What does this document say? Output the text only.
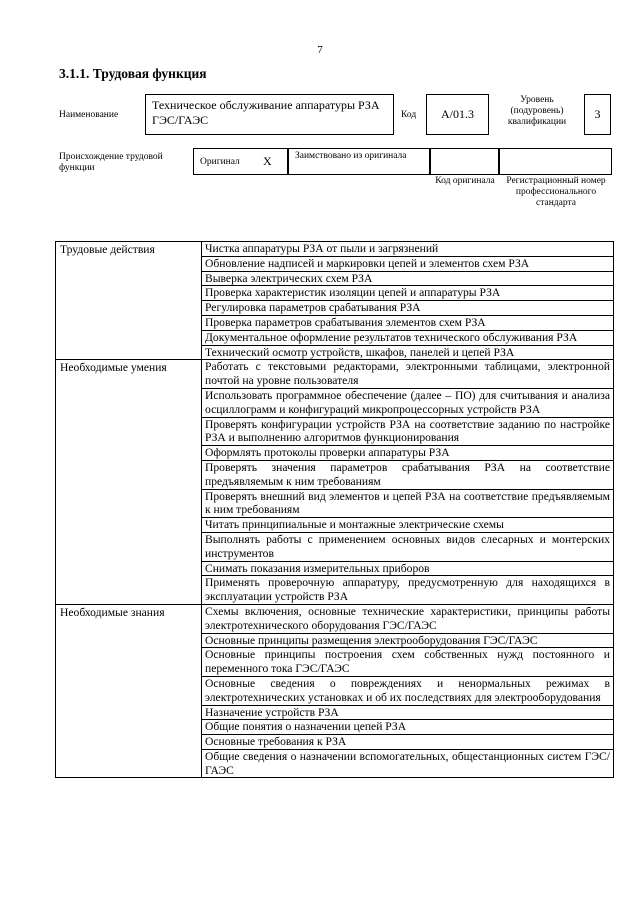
7
3.1.1. Трудовая функция
Наименование
Техническое обслуживание аппаратуры РЗА ГЭС/ГАЭС	Код	A/01.3
Уровень (подуровень) квалификации
3
Происхождение трудовой функции
Оригинал X Заимствовано из оригинала
Код оригинала	Регистрационный номер профессионального стандарта
Трудовые действия	Чистка аппаратуры РЗА от пыли и загрязнений
	Обновление надписей и маркировки цепей и элементов схем РЗА
	Выверка электрических схем РЗА
	Проверка характеристик изоляции цепей и аппаратуры РЗА
	Регулировка параметров срабатывания РЗА
	Проверка параметров срабатывания элементов схем РЗА
	Документальное оформление результатов технического обслуживания РЗА
	Технический осмотр устройств, шкафов, панелей и цепей РЗА
Необходимые умения	Работать с текстовыми редакторами, электронными таблицами, электронной почтой на уровне пользователя
	Использовать программное обеспечение (далее – ПО) для считывания и анализа осциллограмм и конфигураций микропроцессорных устройств РЗА
	Проверять конфигурации устройств РЗА на соответствие заданию по настройке РЗА и выполнению алгоритмов функционирования
	Оформлять протоколы проверки аппаратуры РЗА
	Проверять значения параметров срабатывания РЗА на соответствие предъявляемым к ним требованиям
	Проверять внешний вид элементов и цепей РЗА на соответствие предъявляемым к ним требованиям
	Читать принципиальные и монтажные электрические схемы
	Выполнять работы с применением основных видов слесарных и монтерских инструментов
	Снимать показания измерительных приборов
	Применять проверочную аппаратуру, предусмотренную для находящихся в эксплуатации устройств РЗА
Необходимые знания	Схемы включения, основные технические характеристики, принципы работы электротехнического оборудования ГЭС/ГАЭС
	Основные принципы размещения электрооборудования ГЭС/ГАЭС
	Основные принципы построения схем собственных нужд постоянного и переменного тока ГЭС/ГАЭС
	Основные сведения о повреждениях и ненормальных режимах в электротехнических установках и об их последствиях для электрооборудования
	Назначение устройств РЗА
	Общие понятия о назначении цепей РЗА
	Основные требования к РЗА
	Общие сведения о назначении вспомогательных, общестанционных систем ГЭС/ГАЭС
